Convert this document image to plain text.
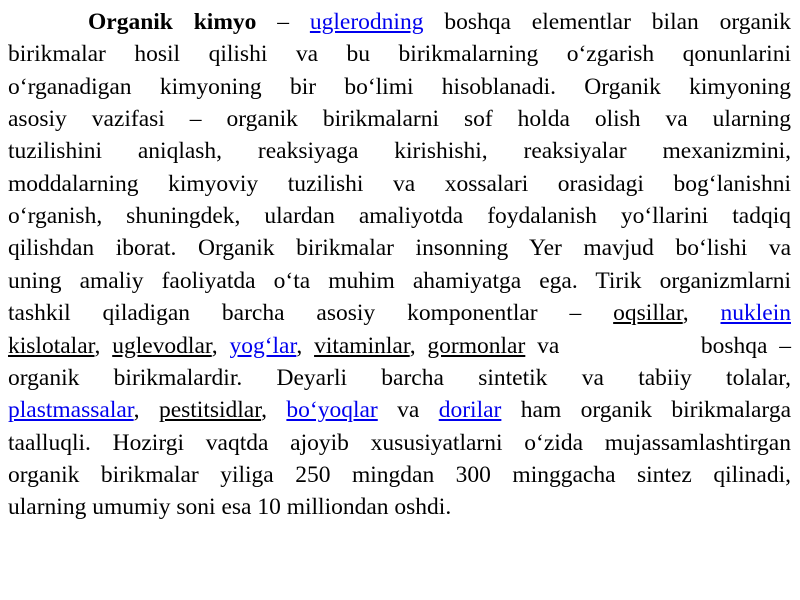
Organik kimyo – uglerodning boshqa elementlar bilan organik
birikmalar hosil qilishi va bu birikmalarning o‘zgarish qonunlarini
o‘rganadigan kimyoning bir bo‘limi hisoblanadi. Organik kimyoning
asosiy vazifasi – organik birikmalarni sof holda olish va ularning
tuzilishini aniqlash, reaksiyaga kirishishi, reaksiyalar mexanizmini,
moddalarning kimyoviy tuzilishi va xossalari orasidagi bog‘lanishni
o‘rganish, shuningdek, ulardan amaliyotda foydalanish yo‘llarini tadqiq
qilishdan iborat. Organik birikmalar insonning Yer mavjud bo‘lishi va
uning amaliy faoliyatda o‘ta muhim ahamiyatga ega. Tirik organizmlarni
tashkil qiladigan barcha asosiy komponentlar – oqsillar, nuklein
kislotalar, uglevodlar, yog‘lar, vitaminlar, gormonlar va	boshqa –
organik birikmalardir. Deyarli barcha sintetik va tabiiy tolalar,
plastmassalar, pestitsidlar, bo‘yoqlar va dorilar ham organik birikmalarga
taalluqli. Hozirgi vaqtda ajoyib xususiyatlarni o‘zida mujassamlashtirgan
organik birikmalar yiliga 250 mingdan 300 minggacha sintez qilinadi,
ularning umumiy soni esa 10 milliondan oshdi.
